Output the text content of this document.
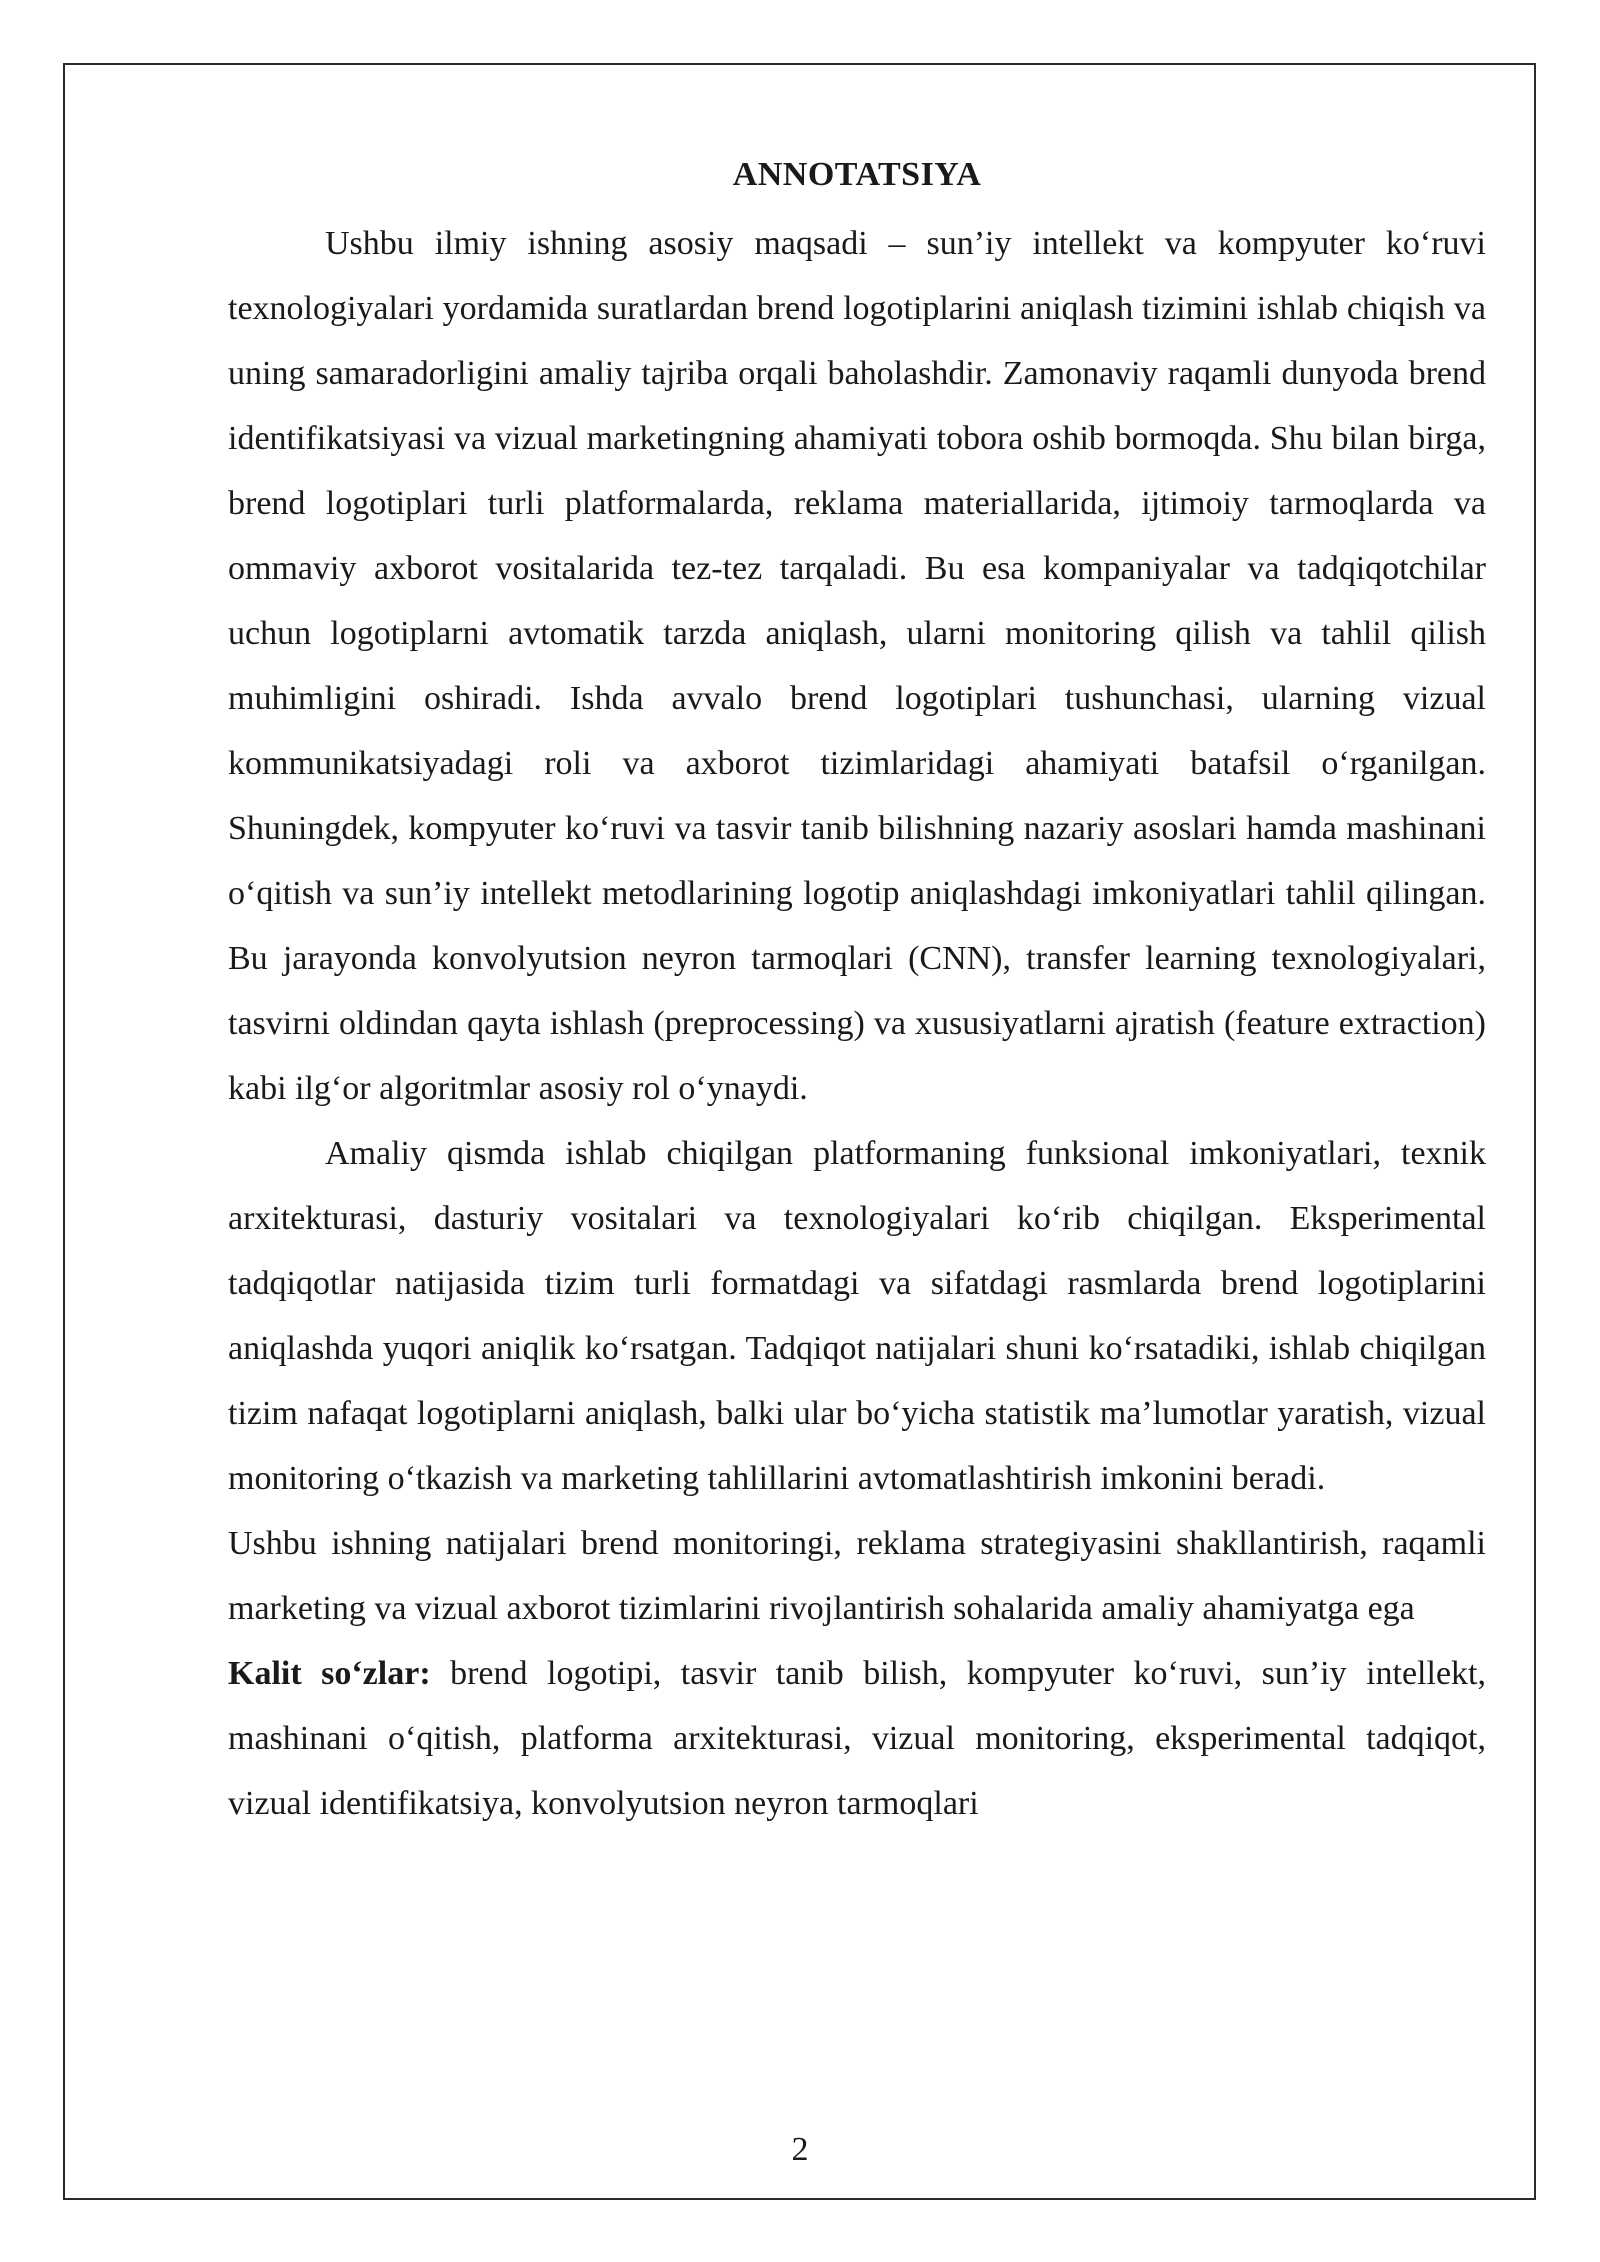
ANNOTATSIYA

Ushbu ilmiy ishning asosiy maqsadi – sun’iy intellekt va kompyuter ko‘ruvi texnologiyalari yordamida suratlardan brend logotiplarini aniqlash tizimini ishlab chiqish va uning samaradorligini amaliy tajriba orqali baholashdir. Zamonaviy raqamli dunyoda brend identifikatsiyasi va vizual marketingning ahamiyati tobora oshib bormoqda. Shu bilan birga, brend logotiplari turli platformalarda, reklama materiallarida, ijtimoiy tarmoqlarda va ommaviy axborot vositalarida tez-tez tarqaladi. Bu esa kompaniyalar va tadqiqotchilar uchun logotiplarni avtomatik tarzda aniqlash, ularni monitoring qilish va tahlil qilish muhimligini oshiradi. Ishda avvalo brend logotiplari tushunchasi, ularning vizual kommunikatsiyadagi roli va axborot tizimlaridagi ahamiyati batafsil o‘rganilgan. Shuningdek, kompyuter ko‘ruvi va tasvir tanib bilishning nazariy asoslari hamda mashinani o‘qitish va sun’iy intellekt metodlarining logotip aniqlashdagi imkoniyatlari tahlil qilingan. Bu jarayonda konvolyutsion neyron tarmoqlari (CNN), transfer learning texnologiyalari, tasvirni oldindan qayta ishlash (preprocessing) va xususiyatlarni ajratish (feature extraction) kabi ilg‘or algoritmlar asosiy rol o‘ynaydi.

Amaliy qismda ishlab chiqilgan platformaning funksional imkoniyatlari, texnik arxitekturasi, dasturiy vositalari va texnologiyalari ko‘rib chiqilgan. Eksperimental tadqiqotlar natijasida tizim turli formatdagi va sifatdagi rasmlarda brend logotiplarini aniqlashda yuqori aniqlik ko‘rsatgan. Tadqiqot natijalari shuni ko‘rsatadiki, ishlab chiqilgan tizim nafaqat logotiplarni aniqlash, balki ular bo‘yicha statistik ma’lumotlar yaratish, vizual monitoring o‘tkazish va marketing tahlillarini avtomatlashtirish imkonini beradi.

Ushbu ishning natijalari brend monitoringi, reklama strategiyasini shakllantirish, raqamli marketing va vizual axborot tizimlarini rivojlantirish sohalarida amaliy ahamiyatga ega

Kalit so‘zlar: brend logotipi, tasvir tanib bilish, kompyuter ko‘ruvi, sun’iy intellekt, mashinani o‘qitish, platforma arxitekturasi, vizual monitoring, eksperimental tadqiqot, vizual identifikatsiya, konvolyutsion neyron tarmoqlari

2
